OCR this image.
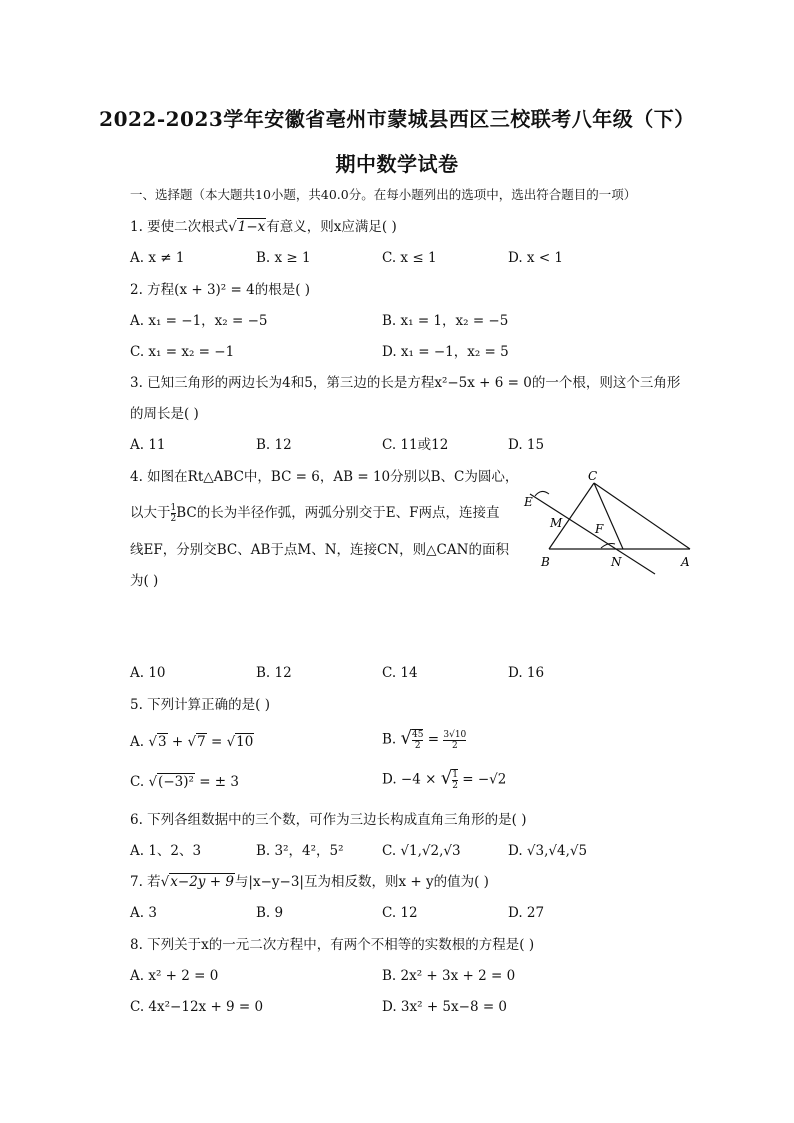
2022-2023学年安徽省亳州市蒙城县西区三校联考八年级（下）
期中数学试卷
一、选择题（本大题共10小题，共40.0分。在每小题列出的选项中，选出符合题目的一项）
1. 要使二次根式√1−x有意义，则x应满足( )
A. x ≠ 1	B. x ≥ 1	C. x ≤ 1	D. x < 1
2. 方程(x + 3)² = 4的根是( )
A. x₁ = −1，x₂ = −5	B. x₁ = 1，x₂ = −5
C. x₁ = x₂ = −1	D. x₁ = −1，x₂ = 5
3. 已知三角形的两边长为4和5，第三边的长是方程x²−5x + 6 = 0的一个根，则这个三角形
的周长是( )
A. 11	B. 12	C. 11或12	D. 15
4. 如图在Rt△ABC中，BC = 6，AB = 10分别以B、C为圆心，
以大于 $\frac{1}{2}$ BC的长为半径作弧，两弧分别交于E、F两点，连接直
线EF，分别交BC、AB于点M、N，连接CN，则△CAN的面积
为( )
C
E
M	F
B	N	A
A. 10	B. 12	C. 14	D. 16
5. 下列计算正确的是( )
A. √3 + √7 = √10	B. √ $\frac{45}{2} = \frac{3√10}{2}$
C. √(−3)² = ± 3	D. −4 × √ $\frac{1}{2} = -√2$
6. 下列各组数据中的三个数，可作为三边长构成直角三角形的是( )
A. 1、2、3	B. 3²，4²，5²	C. √1,√2,√3	D. √3,√4,√5
7. 若√x−2y + 9与|x−y−3|互为相反数，则x + y的值为( )
A. 3	B. 9	C. 12	D. 27
8. 下列关于x的一元二次方程中，有两个不相等的实数根的方程是( )
A. x² + 2 = 0	B. 2x² + 3x + 2 = 0
C. 4x²−12x + 9 = 0	D. 3x² + 5x−8 = 0
